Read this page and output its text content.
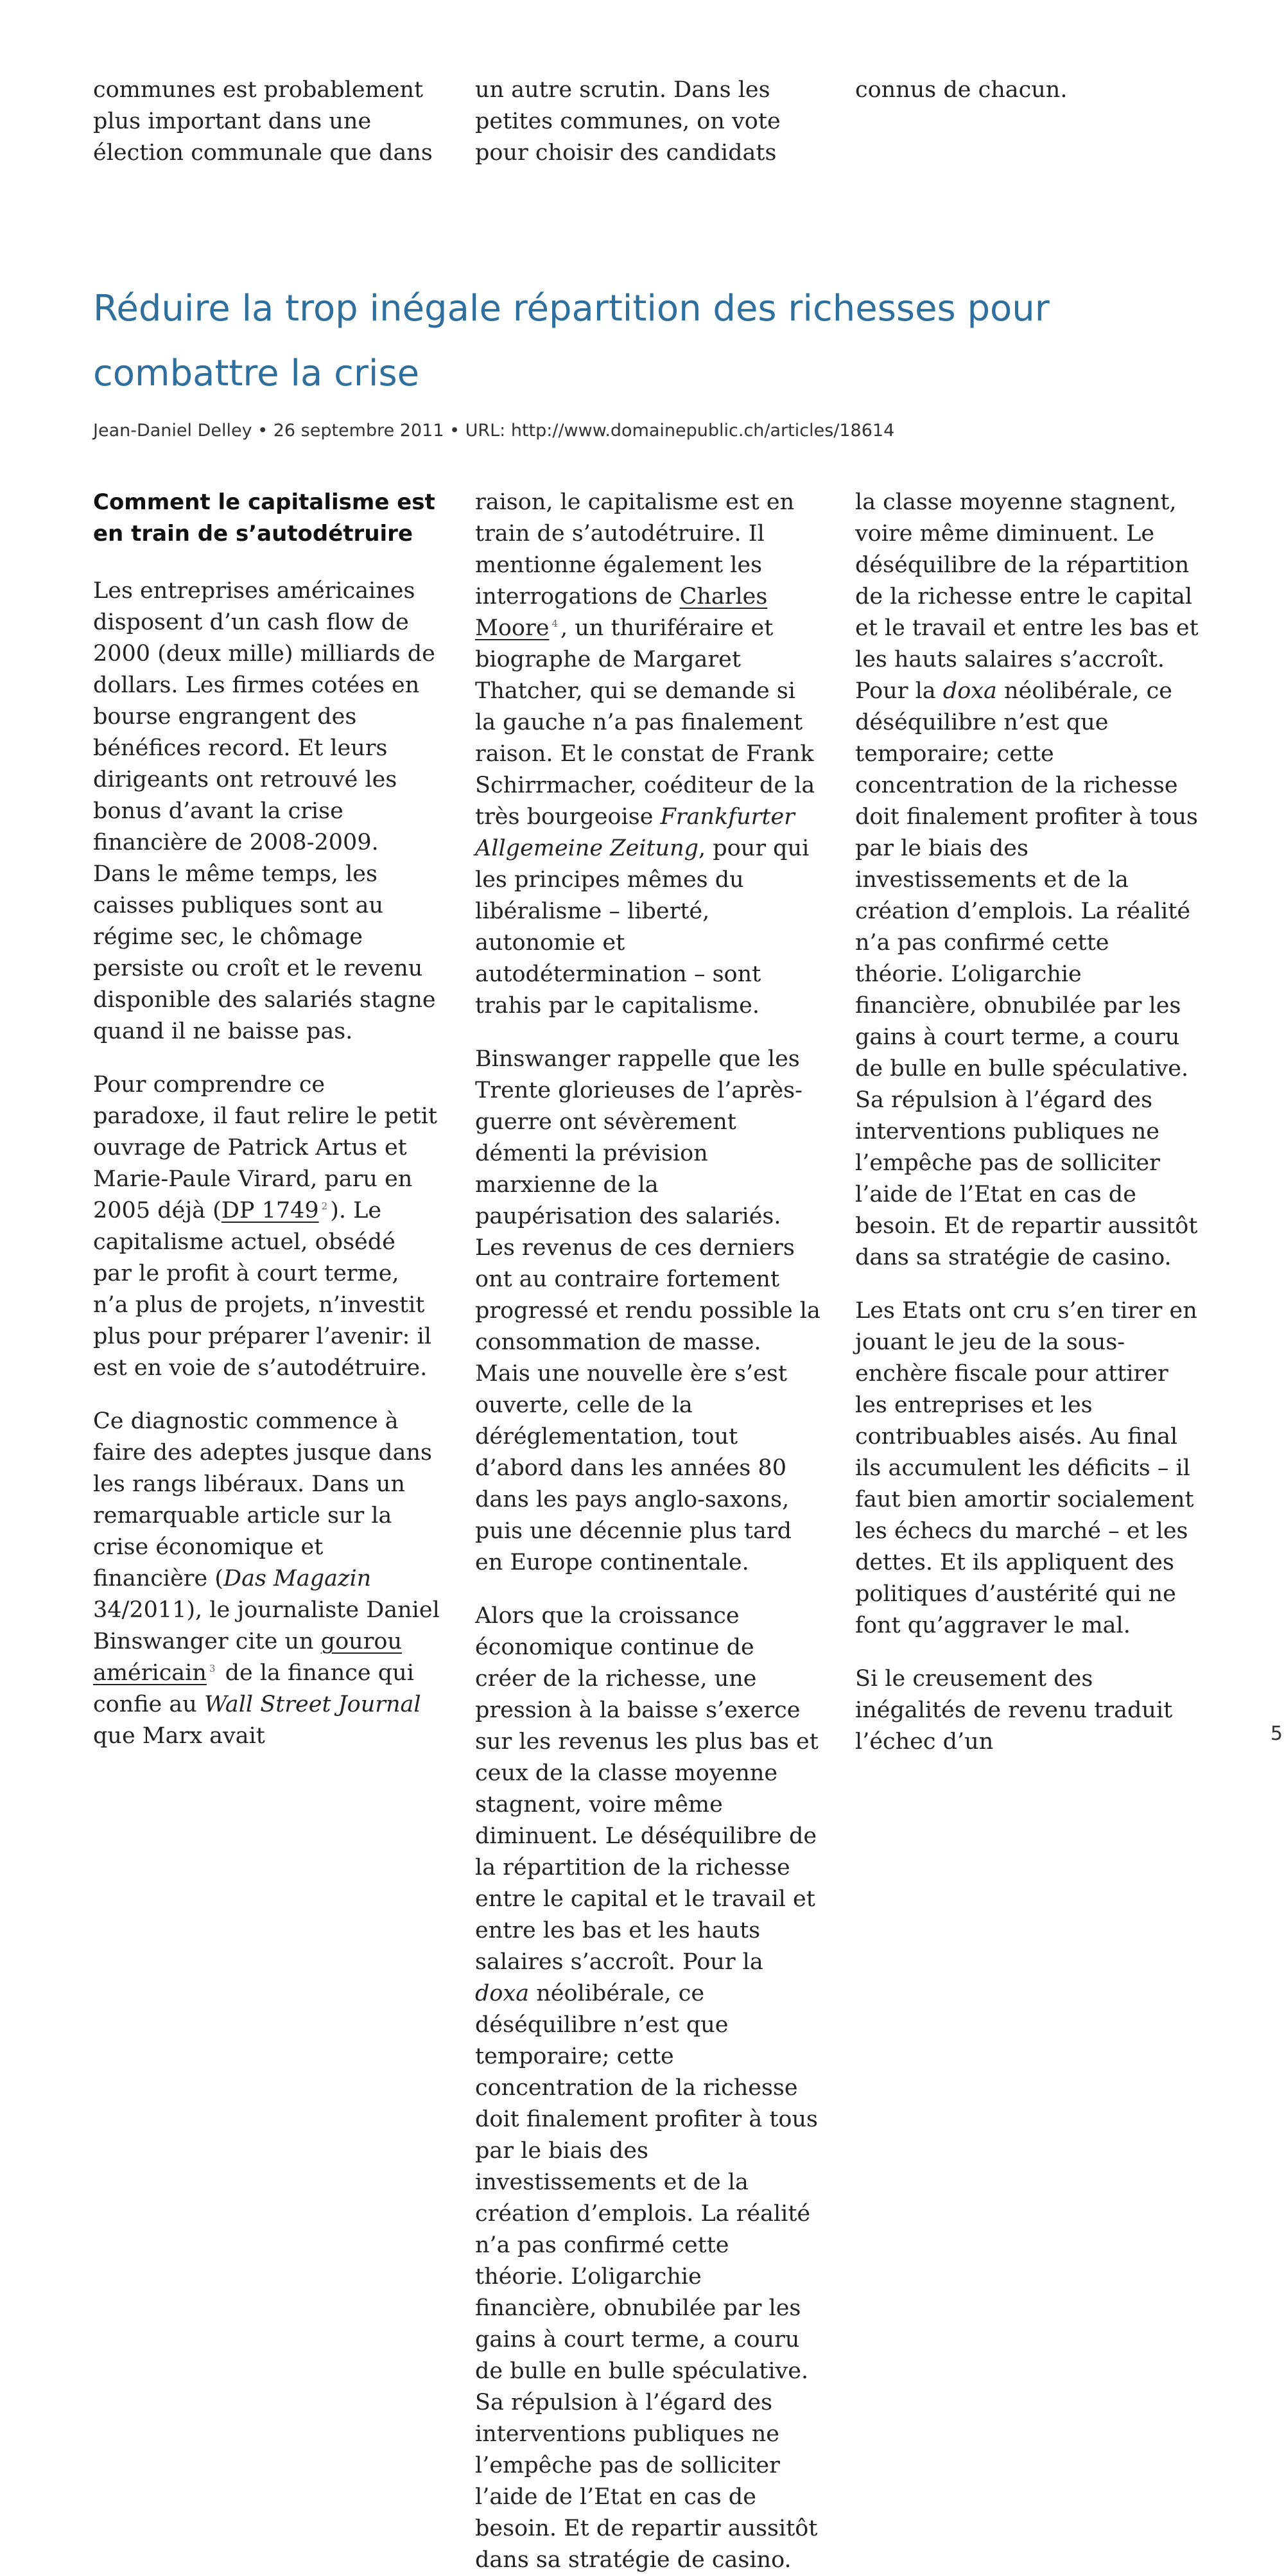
communes est probablement plus important dans une élection communale que dans

un autre scrutin. Dans les petites communes, on vote pour choisir des candidats

connus de chacun.

Réduire la trop inégale répartition des richesses pour combattre la crise
Jean-Daniel Delley • 26 septembre 2011 • URL: http://www.domainepublic.ch/articles/18614
Comment le capitalisme est en train de s’autodétruire

Les entreprises américaines disposent d’un cash flow de 2000 (deux mille) milliards de dollars. Les firmes cotées en bourse engrangent des bénéfices record. Et leurs dirigeants ont retrouvé les bonus d’avant la crise financière de 2008-2009. Dans le même temps, les caisses publiques sont au régime sec, le chômage persiste ou croît et le revenu disponible des salariés stagne quand il ne baisse pas.

Pour comprendre ce paradoxe, il faut relire le petit ouvrage de Patrick Artus et Marie-Paule Virard, paru en 2005 déjà (DP 1749 $^2$ ). Le capitalisme actuel, obsédé par le profit à court terme, n’a plus de projets, n’investit plus pour préparer l’avenir: il est en voie de s’autodétruire.

Ce diagnostic commence à faire des adeptes jusque dans les rangs libéraux. Dans un remarquable article sur la crise économique et financière (Das Magazin 34/2011), le journaliste Daniel Binswanger cite un gourou américain $^3$ de la finance qui confie au Wall Street Journal que Marx avait

raison, le capitalisme est en train de s’autodétruire. Il mentionne également les interrogations de Charles Moore $^4$ , un thuriféraire et biographe de Margaret Thatcher, qui se demande si la gauche n’a pas finalement raison. Et le constat de Frank Schirrmacher, coéditeur de la très bourgeoise Frankfurter Allgemeine Zeitung, pour qui les principes mêmes du libéralisme – liberté, autonomie et autodétermination – sont trahis par le capitalisme.

Binswanger rappelle que les Trente glorieuses de l’après-guerre ont sévèrement démenti la prévision marxienne de la paupérisation des salariés. Les revenus de ces derniers ont au contraire fortement progressé et rendu possible la consommation de masse. Mais une nouvelle ère s’est ouverte, celle de la déréglementation, tout d’abord dans les années 80 dans les pays anglo-saxons, puis une décennie plus tard en Europe continentale.

Alors que la croissance économique continue de créer de la richesse, une pression à la baisse s’exerce sur les revenus les plus bas et ceux de la classe moyenne stagnent, voire même diminuent. Le déséquilibre de la répartition de la richesse entre le capital et le travail et entre les bas et les hauts salaires s’accroît. Pour la doxa néolibérale, ce déséquilibre n’est que temporaire; cette concentration de la richesse doit finalement profiter à tous par le biais des investissements et de la création d’emplois. La réalité n’a pas confirmé cette théorie. L’oligarchie financière, obnubilée par les gains à court terme, a couru de bulle en bulle spéculative. Sa répulsion à l’égard des interventions publiques ne l’empêche pas de solliciter l’aide de l’Etat en cas de besoin. Et de repartir aussitôt dans sa stratégie de casino.

la classe moyenne stagnent, voire même diminuent. Le déséquilibre de la répartition de la richesse entre le capital et le travail et entre les bas et les hauts salaires s’accroît. Pour la doxa néolibérale, ce déséquilibre n’est que temporaire; cette concentration de la richesse doit finalement profiter à tous par le biais des investissements et de la création d’emplois. La réalité n’a pas confirmé cette théorie. L’oligarchie financière, obnubilée par les gains à court terme, a couru de bulle en bulle spéculative. Sa répulsion à l’égard des interventions publiques ne l’empêche pas de solliciter l’aide de l’Etat en cas de besoin. Et de repartir aussitôt dans sa stratégie de casino.

Les Etats ont cru s’en tirer en jouant le jeu de la sous-enchère fiscale pour attirer les entreprises et les contribuables aisés. Au final ils accumulent les déficits – il faut bien amortir socialement les échecs du marché – et les dettes. Et ils appliquent des politiques d’austérité qui ne font qu’aggraver le mal.

Si le creusement des inégalités de revenu traduit l’échec d’un	5
